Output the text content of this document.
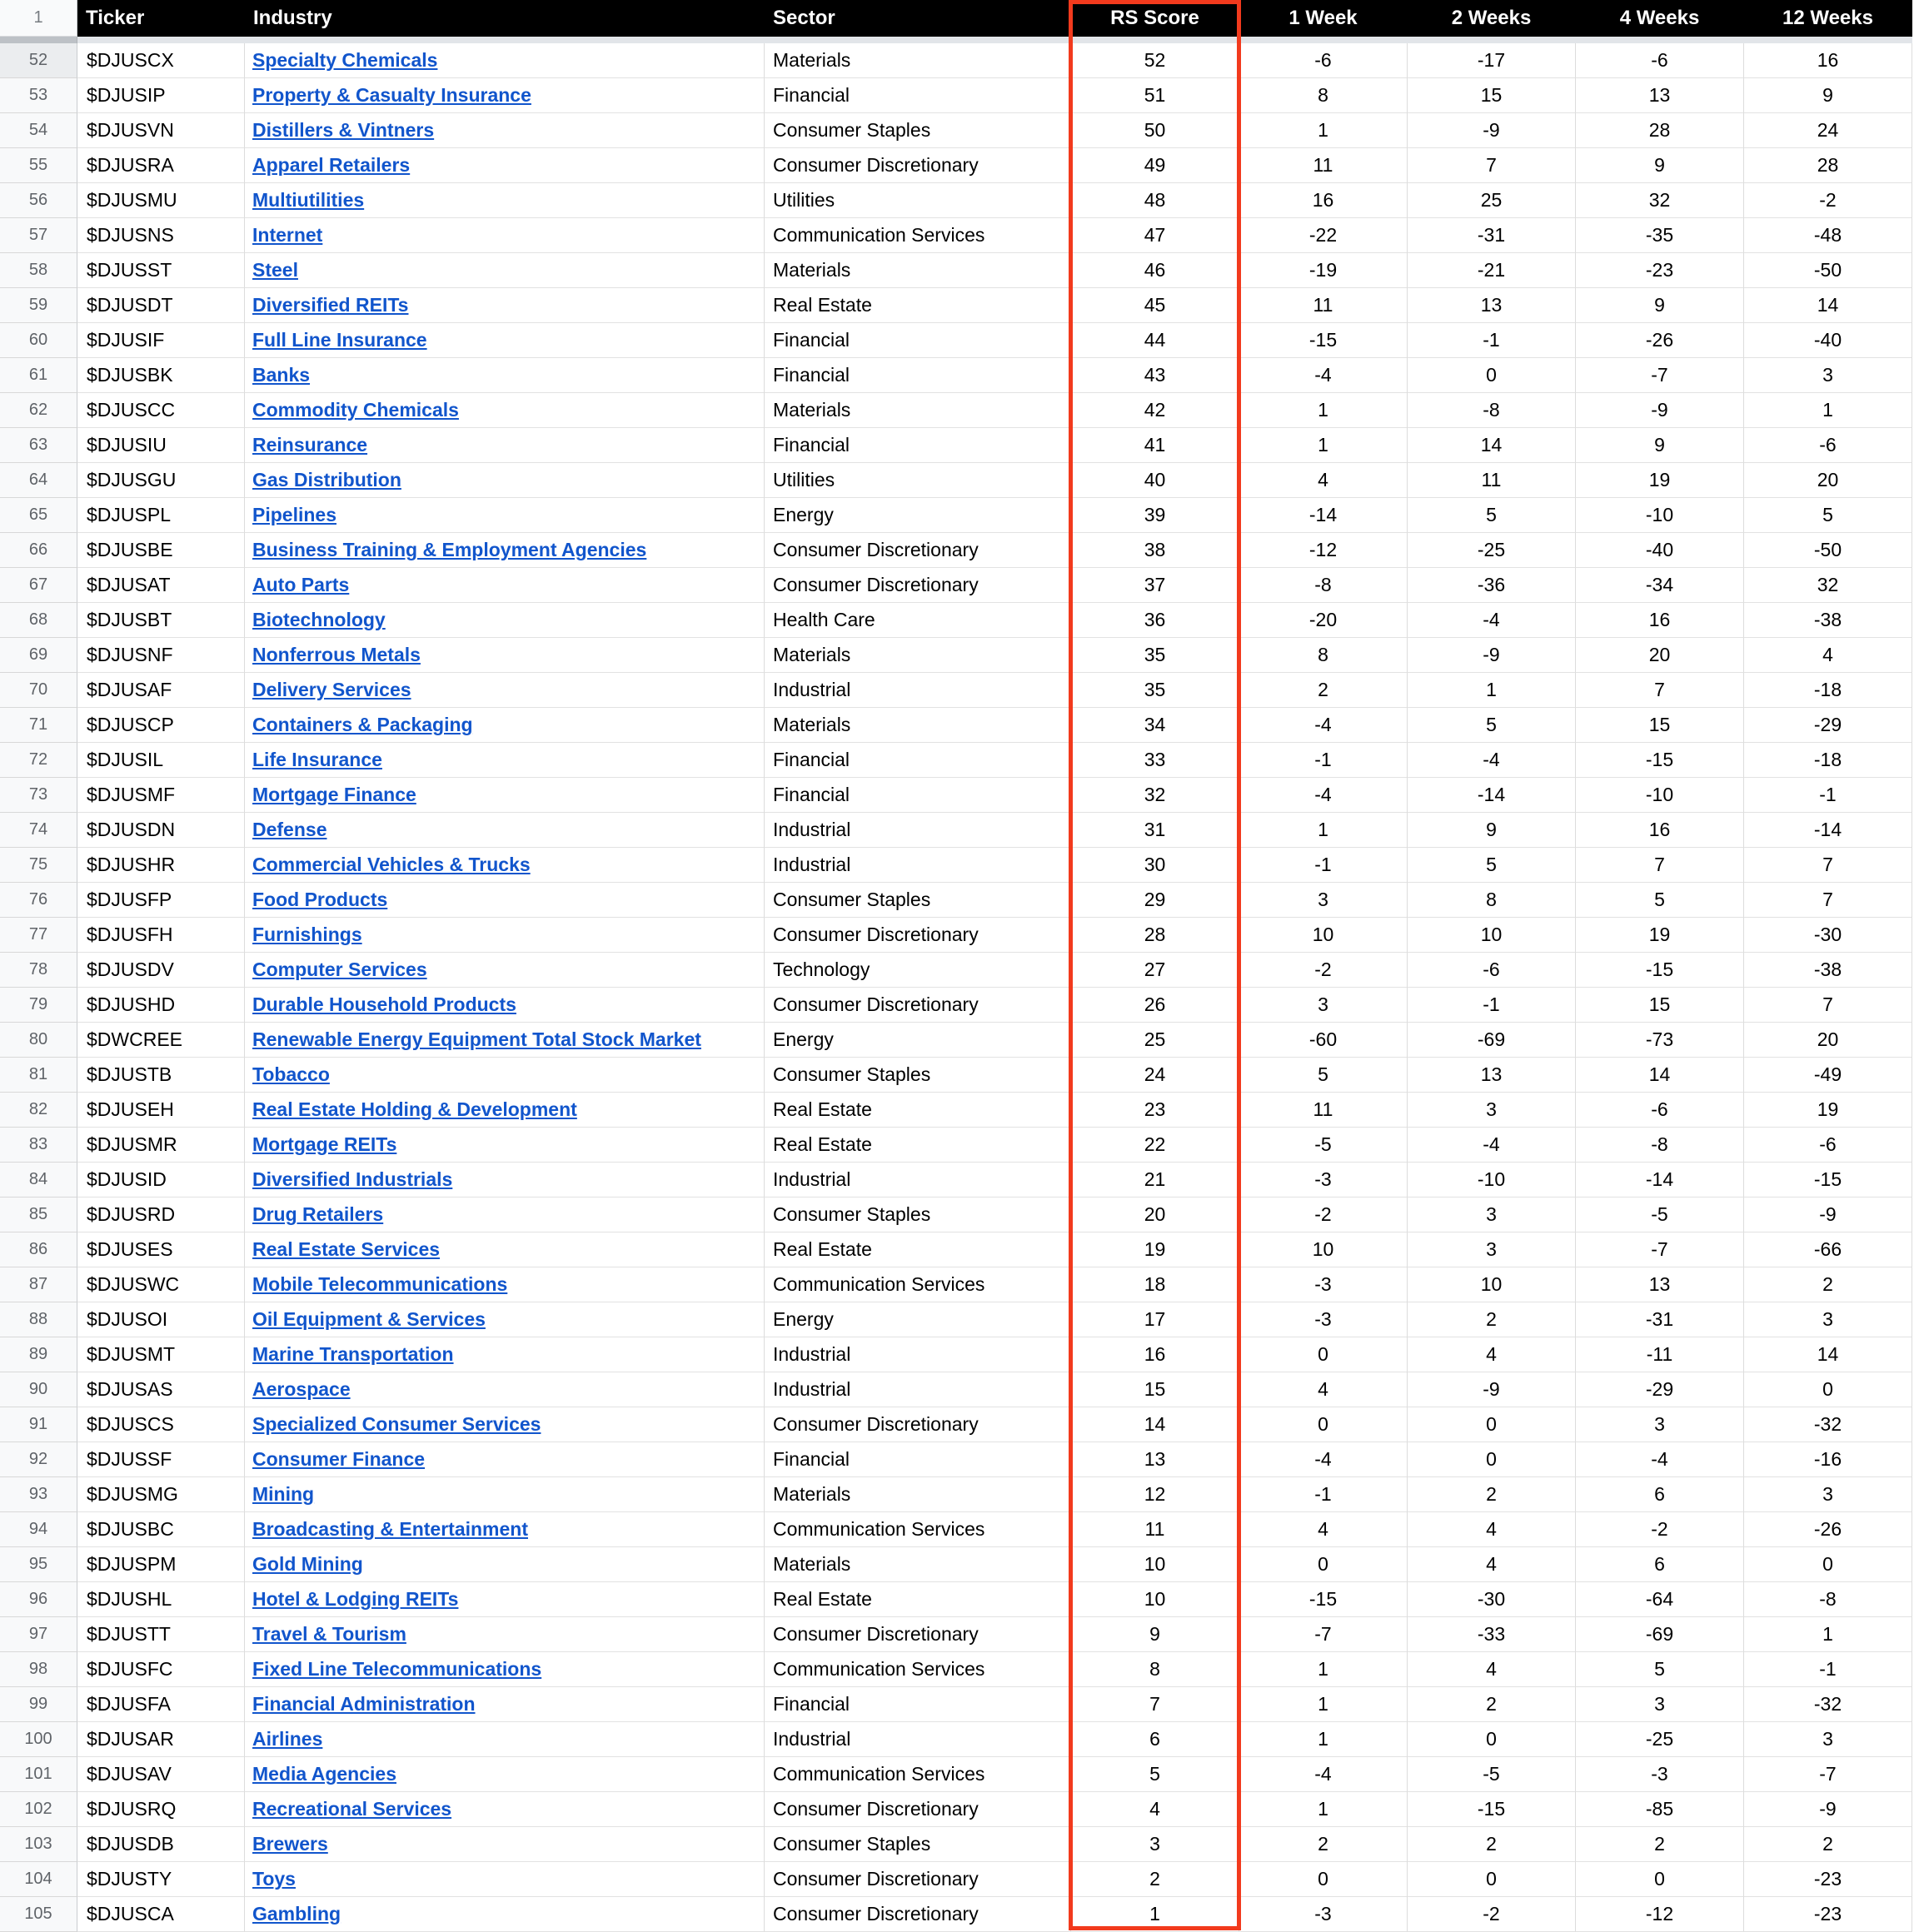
1	Ticker	Industry	Sector	RS Score	1 Week	2 Weeks	4 Weeks	12 Weeks

52	$DJUSCX	Specialty Chemicals	Materials	52	-6	-17	-6	16
53	$DJUSIP	Property & Casualty Insurance	Financial	51	8	15	13	9
54	$DJUSVN	Distillers & Vintners	Consumer Staples	50	1	-9	28	24
55	$DJUSRA	Apparel Retailers	Consumer Discretionary	49	11	7	9	28
56	$DJUSMU	Multiutilities	Utilities	48	16	25	32	-2
57	$DJUSNS	Internet	Communication Services	47	-22	-31	-35	-48
58	$DJUSST	Steel	Materials	46	-19	-21	-23	-50
59	$DJUSDT	Diversified REITs	Real Estate	45	11	13	9	14
60	$DJUSIF	Full Line Insurance	Financial	44	-15	-1	-26	-40
61	$DJUSBK	Banks	Financial	43	-4	0	-7	3
62	$DJUSCC	Commodity Chemicals	Materials	42	1	-8	-9	1
63	$DJUSIU	Reinsurance	Financial	41	1	14	9	-6
64	$DJUSGU	Gas Distribution	Utilities	40	4	11	19	20
65	$DJUSPL	Pipelines	Energy	39	-14	5	-10	5
66	$DJUSBE	Business Training & Employment Agencies	Consumer Discretionary	38	-12	-25	-40	-50
67	$DJUSAT	Auto Parts	Consumer Discretionary	37	-8	-36	-34	32
68	$DJUSBT	Biotechnology	Health Care	36	-20	-4	16	-38
69	$DJUSNF	Nonferrous Metals	Materials	35	8	-9	20	4
70	$DJUSAF	Delivery Services	Industrial	35	2	1	7	-18
71	$DJUSCP	Containers & Packaging	Materials	34	-4	5	15	-29
72	$DJUSIL	Life Insurance	Financial	33	-1	-4	-15	-18
73	$DJUSMF	Mortgage Finance	Financial	32	-4	-14	-10	-1
74	$DJUSDN	Defense	Industrial	31	1	9	16	-14
75	$DJUSHR	Commercial Vehicles & Trucks	Industrial	30	-1	5	7	7
76	$DJUSFP	Food Products	Consumer Staples	29	3	8	5	7
77	$DJUSFH	Furnishings	Consumer Discretionary	28	10	10	19	-30
78	$DJUSDV	Computer Services	Technology	27	-2	-6	-15	-38
79	$DJUSHD	Durable Household Products	Consumer Discretionary	26	3	-1	15	7
80	$DWCREE	Renewable Energy Equipment Total Stock Market	Energy	25	-60	-69	-73	20
81	$DJUSTB	Tobacco	Consumer Staples	24	5	13	14	-49
82	$DJUSEH	Real Estate Holding & Development	Real Estate	23	11	3	-6	19
83	$DJUSMR	Mortgage REITs	Real Estate	22	-5	-4	-8	-6
84	$DJUSID	Diversified Industrials	Industrial	21	-3	-10	-14	-15
85	$DJUSRD	Drug Retailers	Consumer Staples	20	-2	3	-5	-9
86	$DJUSES	Real Estate Services	Real Estate	19	10	3	-7	-66
87	$DJUSWC	Mobile Telecommunications	Communication Services	18	-3	10	13	2
88	$DJUSOI	Oil Equipment & Services	Energy	17	-3	2	-31	3
89	$DJUSMT	Marine Transportation	Industrial	16	0	4	-11	14
90	$DJUSAS	Aerospace	Industrial	15	4	-9	-29	0
91	$DJUSCS	Specialized Consumer Services	Consumer Discretionary	14	0	0	3	-32
92	$DJUSSF	Consumer Finance	Financial	13	-4	0	-4	-16
93	$DJUSMG	Mining	Materials	12	-1	2	6	3
94	$DJUSBC	Broadcasting & Entertainment	Communication Services	11	4	4	-2	-26
95	$DJUSPM	Gold Mining	Materials	10	0	4	6	0
96	$DJUSHL	Hotel & Lodging REITs	Real Estate	10	-15	-30	-64	-8
97	$DJUSTT	Travel & Tourism	Consumer Discretionary	9	-7	-33	-69	1
98	$DJUSFC	Fixed Line Telecommunications	Communication Services	8	1	4	5	-1
99	$DJUSFA	Financial Administration	Financial	7	1	2	3	-32
100	$DJUSAR	Airlines	Industrial	6	1	0	-25	3
101	$DJUSAV	Media Agencies	Communication Services	5	-4	-5	-3	-7
102	$DJUSRQ	Recreational Services	Consumer Discretionary	4	1	-15	-85	-9
103	$DJUSDB	Brewers	Consumer Staples	3	2	2	2	2
104	$DJUSTY	Toys	Consumer Discretionary	2	0	0	0	-23
105	$DJUSCA	Gambling	Consumer Discretionary	1	-3	-2	-12	-23
